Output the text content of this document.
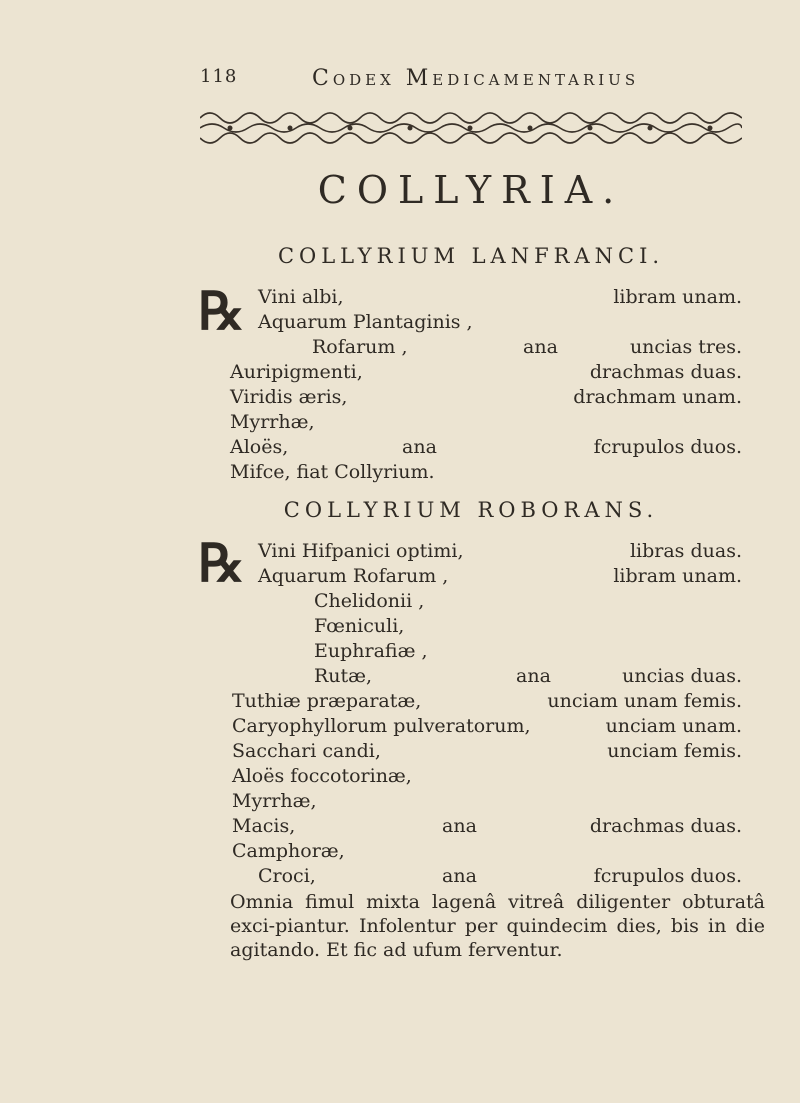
118	Codex Medicamentarius
COLLYRIA.
COLLYRIUM LANFRANCI.
℞ Vini albi,	libram unam.
Aquarum Plantaginis ,
Rofarum ,	ana	uncias tres.
Auripigmenti,	drachmas duas.
Viridis æris,	drachmam unam.
Myrrhæ,
Aloës,	ana	fcrupulos duos.
Mifce, fiat Collyrium.
COLLYRIUM ROBORANS.
℞ Vini Hifpanici optimi,	libras duas.
Aquarum Rofarum ,	libram unam.
Chelidonii ,
Fœniculi,
Euphrafiæ ,
Rutæ,	ana	uncias duas.
Tuthiæ præparatæ,	unciam unam femis.
Caryophyllorum pulveratorum,	unciam unam.
Sacchari candi,	unciam femis.
Aloës foccotorinæ,
Myrrhæ,
Macis,	ana	drachmas duas.
Camphoræ,
Croci,	ana	fcrupulos duos.

Omnia fimul mixta lagenâ vitreâ diligenter obturatâ exci-piantur. Infolentur per quindecim dies, bis in die agitando. Et fic ad ufum ferventur.
